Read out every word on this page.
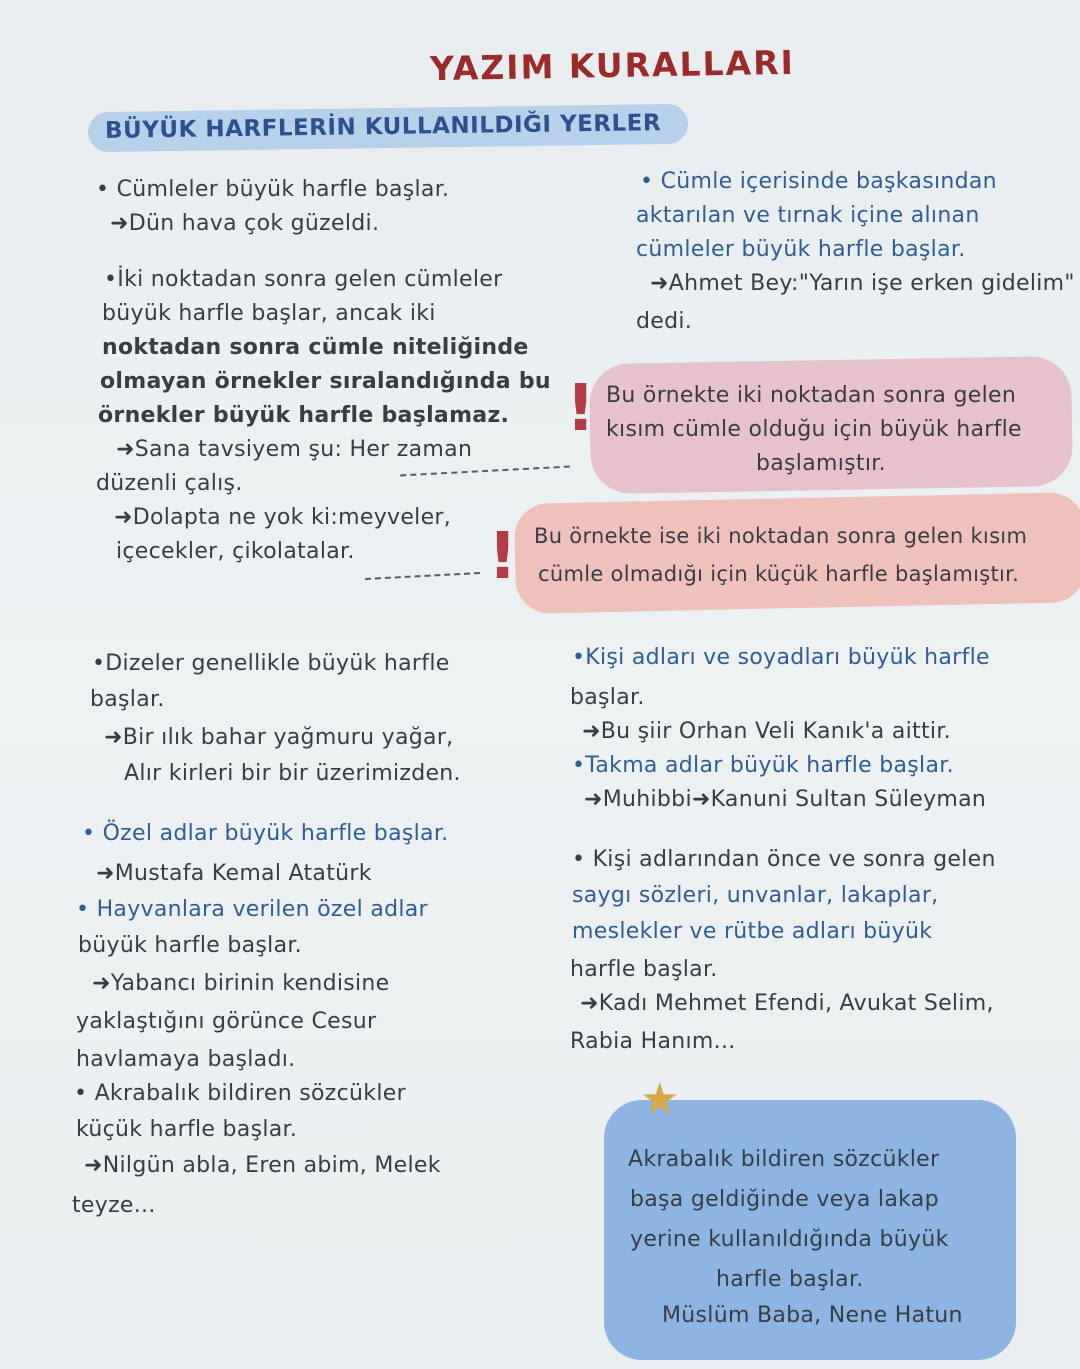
YAZIM KURALLARI
BÜYÜK HARFLERİN KULLANILDIĞI YERLER
• Cümleler büyük harfle başlar.
➜Dün hava çok güzeldi.
•İki noktadan sonra gelen cümleler
büyük harfle başlar, ancak iki
noktadan sonra cümle niteliğinde
olmayan örnekler sıralandığında bu
örnekler büyük harfle başlamaz.
➜Sana tavsiyem şu: Her zaman
düzenli çalış.
➜Dolapta ne yok ki:meyveler,
içecekler, çikolatalar.
• Cümle içerisinde başkasından
aktarılan ve tırnak içine alınan
cümleler büyük harfle başlar.
➜Ahmet Bey:"Yarın işe erken gidelim"
dedi.
! Bu örnekte iki noktadan sonra gelen
kısım cümle olduğu için büyük harfle
başlamıştır.
! Bu örnekte ise iki noktadan sonra gelen kısım
cümle olmadığı için küçük harfle başlamıştır.
•Dizeler genellikle büyük harfle
başlar.
➜Bir ılık bahar yağmuru yağar,
Alır kirleri bir bir üzerimizden.
• Özel adlar büyük harfle başlar.
➜Mustafa Kemal Atatürk
• Hayvanlara verilen özel adlar
büyük harfle başlar.
➜Yabancı birinin kendisine
yaklaştığını görünce Cesur
havlamaya başladı.
• Akrabalık bildiren sözcükler
küçük harfle başlar.
➜Nilgün abla, Eren abim, Melek
teyze...
•Kişi adları ve soyadları büyük harfle
başlar.
➜Bu şiir Orhan Veli Kanık'a aittir.
•Takma adlar büyük harfle başlar.
➜Muhibbi➜Kanuni Sultan Süleyman
• Kişi adlarından önce ve sonra gelen
saygı sözleri, unvanlar, lakaplar,
meslekler ve rütbe adları büyük
harfle başlar.
➜Kadı Mehmet Efendi, Avukat Selim,
Rabia Hanım...
★
Akrabalık bildiren sözcükler
başa geldiğinde veya lakap
yerine kullanıldığında büyük
harfle başlar.
Müslüm Baba, Nene Hatun
